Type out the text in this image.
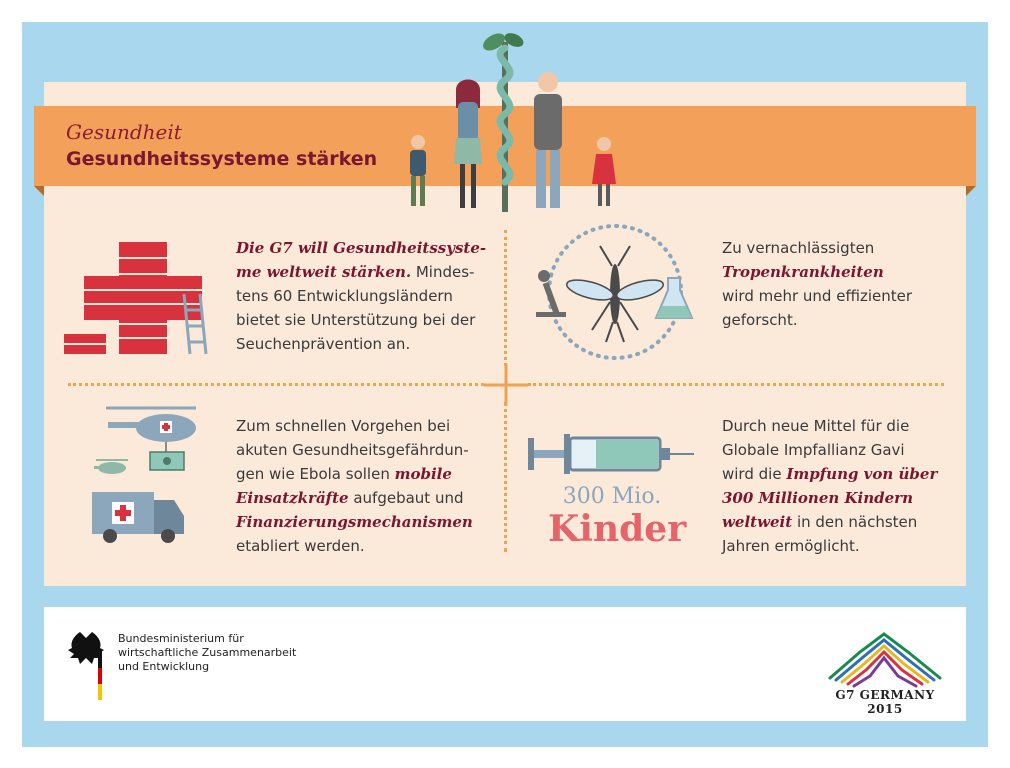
Gesundheit
Gesundheitssysteme stärken
Die G7 will Gesundheitssyste-
me weltweit stärken. Mindes-
tens 60 Entwicklungsländern
bietet sie Unterstützung bei der
Seuchenprävention an.
Zu vernachlässigten
Tropenkrankheiten
wird mehr und effizienter
geforscht.
Zum schnellen Vorgehen bei
akuten Gesundheitsgefährdun-
gen wie Ebola sollen mobile
Einsatzkräfte aufgebaut und
Finanzierungsmechanismen
etabliert werden.
300 Mio.
Kinder
Durch neue Mittel für die
Globale Impfallianz Gavi
wird die Impfung von über
300 Millionen Kindern
weltweit in den nächsten
Jahren ermöglicht.
Bundesministerium für
wirtschaftliche Zusammenarbeit
und Entwicklung
G7 GERMANY 2015
